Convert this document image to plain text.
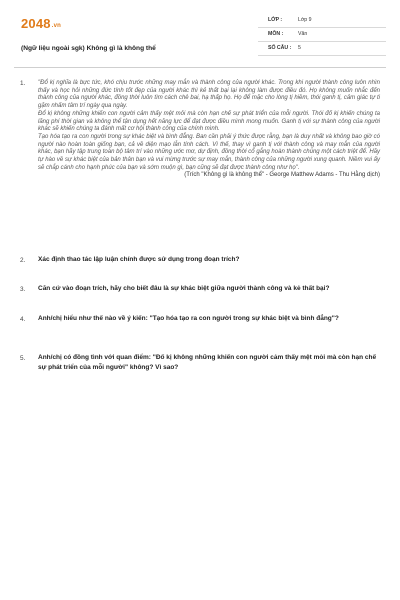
2048.vn
(Ngữ liệu ngoài sgk) Không gì là không thể
LỚP :	Lớp 9
MÔN :	Văn
SỐ CÂU : 5
1. "Đổ kị nghĩa là bực tức, khó chịu trước những may mắn và thành công của người khác. Trong khi người thành công luôn nhìn thấy và học hỏi những đức tính tốt đẹp của người khác thì kẻ thất bại lại không làm được điều đó. Họ không muốn nhắc đến thành công của người khác, đồng thời luôn tìm cách chê bai, hạ thấp họ. Họ để mặc cho lòng tị hiềm, thói ganh tị, cảm giác tự ti gặm nhấm tâm trí ngày qua ngày.

Đổ kị không những khiến con người cảm thấy mệt mỏi mà còn hạn chế sự phát triển của mỗi người. Thói đố kị khiến chúng ta lãng phí thời gian và không thể tận dụng hết năng lực để đạt được điều mình mong muốn. Ganh tị với sự thành công của người khác sẽ khiến chúng ta đánh mất cơ hội thành công của chính mình.

Tạo hóa tạo ra con người trong sự khác biệt và bình đẳng. Ban cần phải ý thức được rằng, bạn là duy nhất và không bao giờ có người nào hoàn toàn giống bạn, cả về diện mạo lẫn tính cách. Vì thế, thay vì ganh tị với thành công và may mắn của người khác, bạn hãy tập trung toàn bộ tâm trí vào những ước mơ, dự định, đồng thời cố gắng hoàn thành chúng một cách triệt để. Hãy tự hào về sự khác biệt của bản thân bạn và vui mừng trước sự may mắn, thành công của những người xung quanh. Niềm vui ấy sẽ chắp cánh cho hạnh phúc của bạn và sớm muộn gì, bạn cũng sẽ đạt được thành công như họ".

(Trích "Không gì là không thể" - George Matthew Adams - Thu Hằng dịch)

2. Xác định thao tác lập luận chính được sử dụng trong đoạn trích?
3. Căn cứ vào đoạn trích, hãy cho biết đâu là sự khác biệt giữa người thành công và kẻ thất bại?
4. Anh/chị hiểu như thế nào về ý kiến: "Tạo hóa tạo ra con người trong sự khác biệt và bình đẳng"?
5. Anh/chị có đồng tình với quan điểm: "Đố kị không những khiến con người cảm thấy mệt mỏi mà còn hạn chế sự phát triển của mỗi người" không? Vì sao?
